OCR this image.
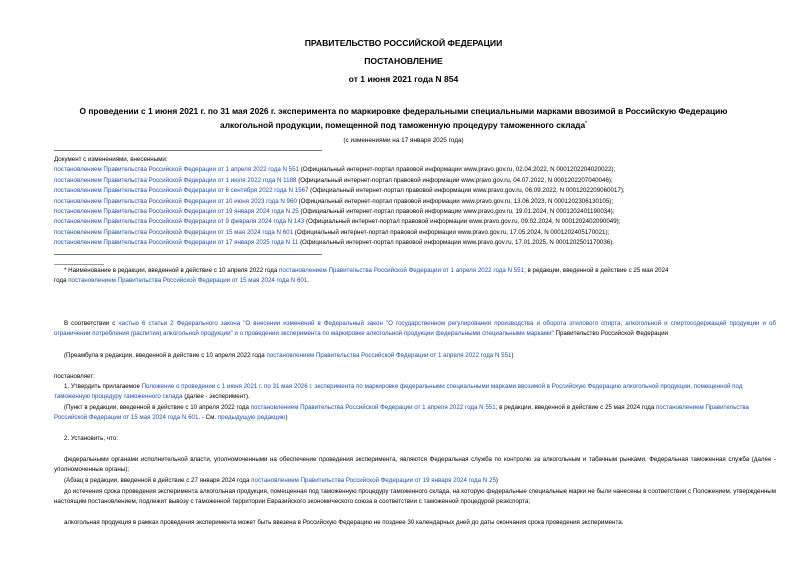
ПРАВИТЕЛЬСТВО РОССИЙСКОЙ ФЕДЕРАЦИИ
ПОСТАНОВЛЕНИЕ
от 1 июня 2021 года N 854
О проведении с 1 июня 2021 г. по 31 мая 2026 г. эксперимента по маркировке федеральными специальными марками ввозимой в Российскую Федерацию
алкогольной продукции, помещенной под таможенную процедуру таможенного склада*
(с изменениями на 17 января 2025 года)
Документ с изменениями, внесенными:
постановлением Правительства Российской Федерации от 1 апреля 2022 года N 551 (Официальный интернет-портал правовой информации www.pravo.gov.ru, 02.04.2022, N 0001202204020022);
постановлением Правительства Российской Федерации от 1 июля 2022 года N 1188 (Официальный интернет-портал правовой информации www.pravo.gov.ru, 04.07.2022, N 0001202207040046);
постановлением Правительства Российской Федерации от 6 сентября 2022 года N 1567 (Официальный интернет-портал правовой информации www.pravo.gov.ru, 06.09.2022, N 0001202209060017);
постановлением Правительства Российской Федерации от 10 июня 2023 года N 960 (Официальный интернет-портал правовой информации www.pravo.gov.ru, 13.06.2023, N 0001202306130105);
постановлением Правительства Российской Федерации от 19 января 2024 года N 25 (Официальный интернет-портал правовой информации www.pravo.gov.ru, 19.01.2024, N 0001202401190034);
постановлением Правительства Российской Федерации от 9 февраля 2024 года N 143 (Официальный интернет-портал правовой информации www.pravo.gov.ru, 09.02.2024, N 0001202402090049);
постановлением Правительства Российской Федерации от 15 мая 2024 года N 601 (Официальный интернет-портал правовой информации www.pravo.gov.ru, 17.05.2024, N 0001202405170021);
постановлением Правительства Российской Федерации от 17 января 2025 года N 11 (Официальный интернет-портал правовой информации www.pravo.gov.ru, 17.01.2025, N 0001202501170036).
* Наименование в редакции, введенной в действие с 10 апреля 2022 года постановлением Правительства Российской Федерации от 1 апреля 2022 года N 551; в редакции, введенной в действие с 25 мая 2024
года постановлением Правительства Российской Федерации от 15 мая 2024 года N 601.
В соответствии с частью 6 статьи 2 Федерального закона "О внесении изменений в Федеральный закон "О государственном регулировании производства и оборота этилового спирта, алкогольной и спиртосодержащей продукции и об ограничении потребления (распития) алкогольной продукции" и о проведении эксперимента по маркировке алкогольной продукции федеральными специальными марками" Правительство Российской Федерации
(Преамбула в редакции, введенной в действие с 10 апреля 2022 года постановлением Правительства Российской Федерации от 1 апреля 2022 года N 551)
постановляет:
1. Утвердить прилагаемое Положение о проведении с 1 июня 2021 г. по 31 мая 2026 г. эксперимента по маркировке федеральными специальными марками ввозимой в Российскую Федерацию алкогольной продукции, помещенной под таможенную процедуру таможенного склада (далее - эксперимент).
(Пункт в редакции, введенной в действие с 10 апреля 2022 года постановлением Правительства Российской Федерации от 1 апреля 2022 года N 551; в редакции, введенной в действие с 25 мая 2024 года постановлением Правительства Российской Федерации от 15 мая 2024 года N 601. - См. предыдущую редакцию)
2. Установить, что:
федеральными органами исполнительной власти, уполномоченными на обеспечение проведения эксперимента, являются Федеральная служба по контролю за алкогольным и табачным рынками, Федеральная таможенная служба (далее - уполномоченные органы);
(Абзац в редакции, введенной в действие с 27 января 2024 года постановлением Правительства Российской Федерации от 19 января 2024 года N 25)
до истечения срока проведения эксперимента алкогольная продукция, помещенная под таможенную процедуру таможенного склада, на которую федеральные специальные марки не были нанесены в соответствии с Положением, утвержденным настоящим постановлением, подлежит вывозу с таможенной территории Евразийского экономического союза в соответствии с таможенной процедурой реэкспорта;
алкогольная продукция в рамках проведения эксперимента может быть ввезена в Российскую Федерацию не позднее 30 календарных дней до даты окончания срока проведения эксперимента.
